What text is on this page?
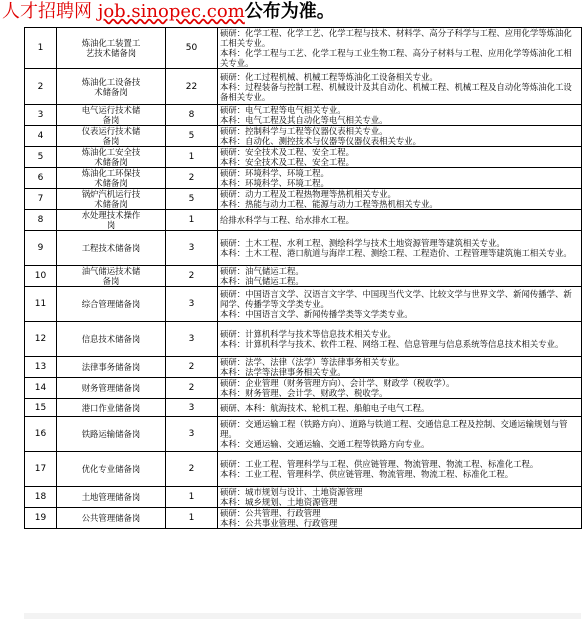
人才招聘网 job.sinopec.com公布为准。
1	炼油化工装置工艺技术储备岗	50	硕研：化学工程、化学工艺、化学工程与技术、材料学、高分子科学与工程、应用化学等炼油化工相关专业。
本科：化学工程与工艺、化学工程与工业生物工程、高分子材料与工程、应用化学等炼油化工相关专业。

2	炼油化工设备技术储备岗	22	硕研：化工过程机械、机械工程等炼油化工设备相关专业。
本科：过程装备与控制工程、机械设计及其自动化、机械工程、机械工程及自动化等炼油化工设备相关专业。

3	电气运行技术储备岗	8	硕研：电气工程等电气相关专业。
本科：电气工程及其自动化等电气相关专业。

4	仪表运行技术储备岗	5	硕研：控制科学与工程等仪器仪表相关专业。
本科：自动化、测控技术与仪器等仪器仪表相关专业。

5	炼油化工安全技术储备岗	1	硕研：安全技术及工程、安全工程。
本科：安全技术及工程、安全工程。

6	炼油化工环保技术储备岗	2	硕研：环境科学、环境工程。
本科：环境科学、环境工程。

7	锅炉汽机运行技术储备岗	5	硕研：动力工程及工程热物理等热机相关专业。
本科：热能与动力工程、能源与动力工程等热机相关专业。

8	水处理技术操作岗	1	给排水科学与工程、给水排水工程。

9	工程技术储备岗	3	硕研：土木工程、水利工程、测绘科学与技术土地资源管理等建筑相关专业。
本科：土木工程、港口航道与海岸工程、测绘工程、工程造价、工程管理等建筑施工相关专业。

10	油气储运技术储备岗	2	硕研：油气储运工程。
本科：油气储运工程。

11	综合管理储备岗	3	硕研：中国语言文学、汉语言文字学、中国现当代文学、比较文学与世界文学、新闻传播学、新闻学、传播学等文学类专业。
本科：中国语言文学、新闻传播学类等文学类专业。

12	信息技术储备岗	3	硕研：计算机科学与技术等信息技术相关专业。
本科：计算机科学与技术、软件工程、网络工程、信息管理与信息系统等信息技术相关专业。

13	法律事务储备岗	2	硕研：法学、法律（法学）等法律事务相关专业。
本科：法学等法律事务相关专业。

14	财务管理储备岗	2	硕研：企业管理（财务管理方向）、会计学、财政学（税收学）。
本科：财务管理、会计学、财政学、税收学。

15	港口作业储备岗	3	硕研、本科：航海技术、轮机工程、船舶电子电气工程。

16	铁路运输储备岗	3	硕研：交通运输工程（铁路方向）、道路与铁道工程、交通信息工程及控制、交通运输规划与管理。
本科：交通运输、交通运输、交通工程等铁路方向专业。

17	优化专业储备岗	2	硕研：工业工程、管理科学与工程、供应链管理、物流管理、物流工程、标准化工程。
本科：工业工程、管理科学、供应链管理、物流管理、物流工程、标准化工程。

18	土地管理储备岗	1	硕研：城市规划与设计、土地资源管理
本科：城乡规划、土地资源管理

19	公共管理储备岗	1	硕研：公共管理、行政管理
本科：公共事业管理、行政管理
